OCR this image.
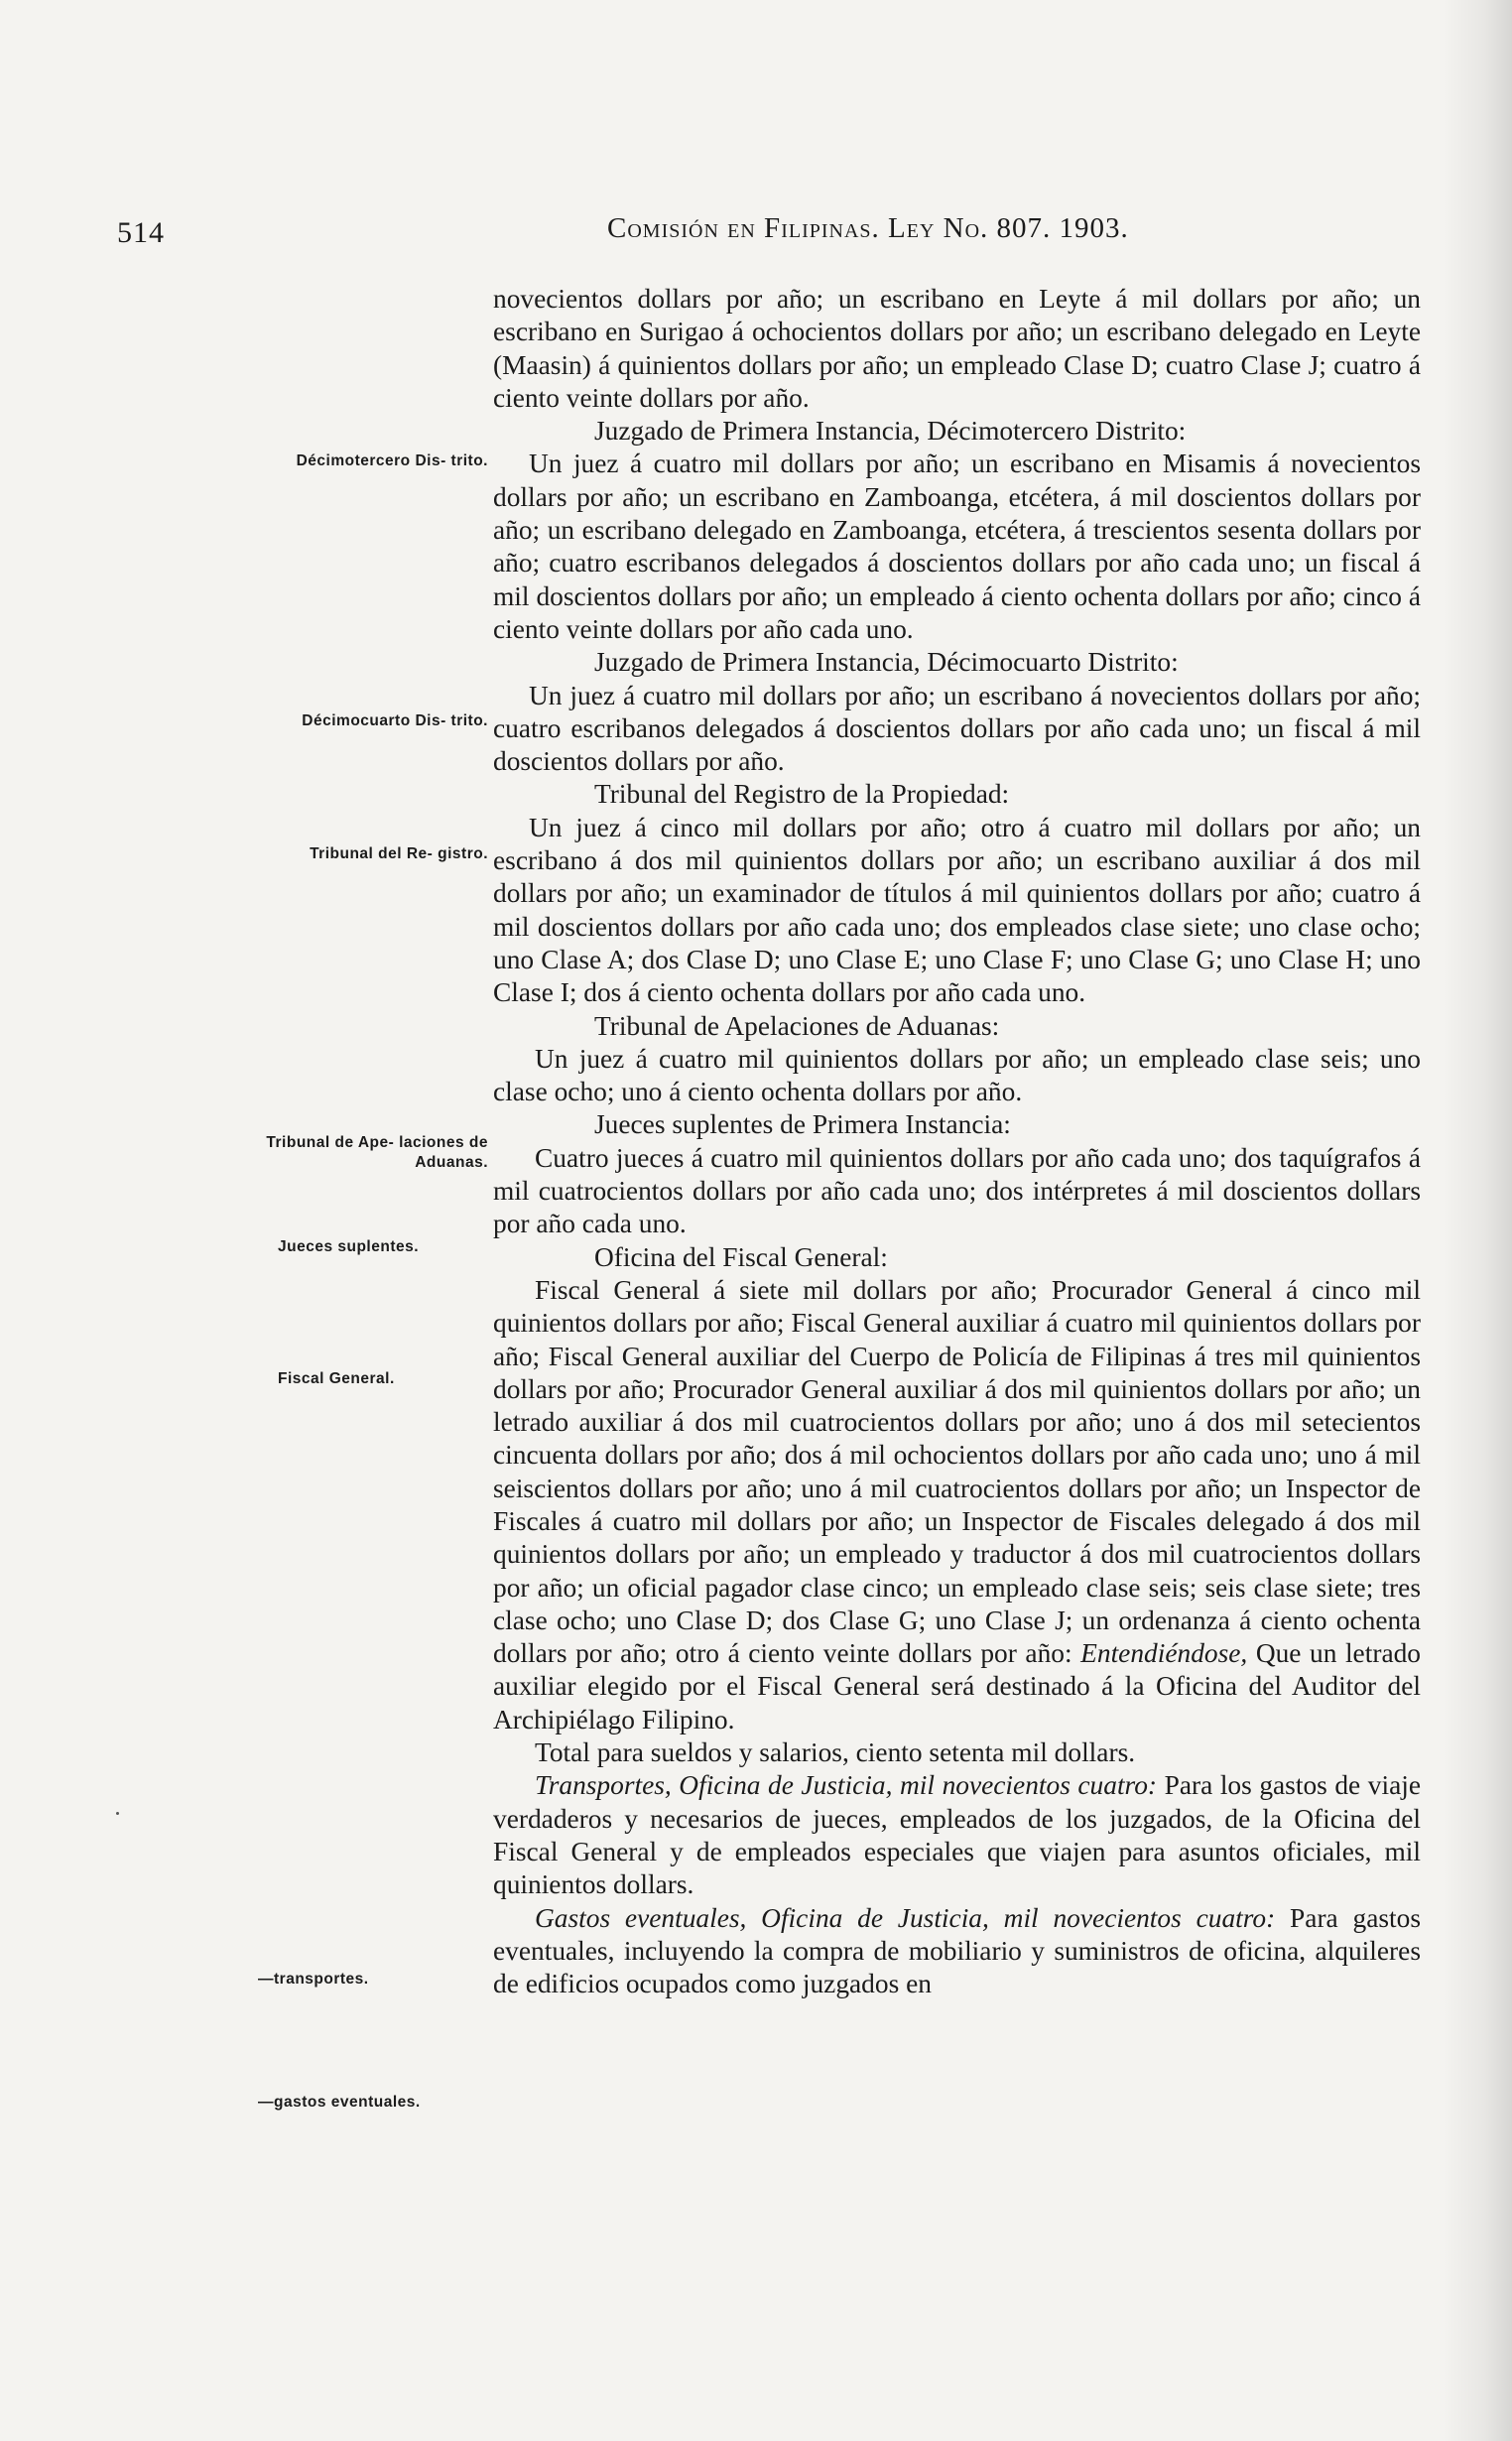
514	Comisión en Filipinas. Ley No. 807. 1903.
Décimotercero Dis- trito.
Décimocuarto Dis- trito.
Tribunal del Re- gistro.
Tribunal de Ape- laciones de Aduanas.
Jueces suplentes.
Fiscal General.
—transportes.
—gastos eventuales.

novecientos dollars por año; un escribano en Leyte á mil dollars por año; un escribano en Surigao á ochocientos dollars por año; un escribano delegado en Leyte (Maasin) á quinientos dollars por año; un empleado Clase D; cuatro Clase J; cuatro á ciento veinte dollars por año.

Juzgado de Primera Instancia, Décimotercero Distrito:

Un juez á cuatro mil dollars por año; un escribano en Misamis á novecientos dollars por año; un escribano en Zamboanga, etcétera, á mil doscientos dollars por año; un escribano delegado en Zamboanga, etcétera, á trescientos sesenta dollars por año; cuatro escribanos delegados á doscientos dollars por año cada uno; un fiscal á mil doscientos dollars por año; un empleado á ciento ochenta dollars por año; cinco á ciento veinte dollars por año cada uno.

Juzgado de Primera Instancia, Décimocuarto Distrito:

Un juez á cuatro mil dollars por año; un escribano á novecientos dollars por año; cuatro escribanos delegados á doscientos dollars por año cada uno; un fiscal á mil doscientos dollars por año.

Tribunal del Registro de la Propiedad:

Un juez á cinco mil dollars por año; otro á cuatro mil dollars por año; un escribano á dos mil quinientos dollars por año; un escribano auxiliar á dos mil dollars por año; un examinador de títulos á mil quinientos dollars por año; cuatro á mil doscientos dollars por año cada uno; dos empleados clase siete; uno clase ocho; uno Clase A; dos Clase D; uno Clase E; uno Clase F; uno Clase G; uno Clase H; uno Clase I; dos á ciento ochenta dollars por año cada uno.

Tribunal de Apelaciones de Aduanas:

Un juez á cuatro mil quinientos dollars por año; un empleado clase seis; uno clase ocho; uno á ciento ochenta dollars por año.

Jueces suplentes de Primera Instancia:

Cuatro jueces á cuatro mil quinientos dollars por año cada uno; dos taquígrafos á mil cuatrocientos dollars por año cada uno; dos intérpretes á mil doscientos dollars por año cada uno.

Oficina del Fiscal General:

Fiscal General á siete mil dollars por año; Procurador General á cinco mil quinientos dollars por año; Fiscal General auxiliar á cuatro mil quinientos dollars por año; Fiscal General auxiliar del Cuerpo de Policía de Filipinas á tres mil quinientos dollars por año; Procurador General auxiliar á dos mil quinientos dollars por año; un letrado auxiliar á dos mil cuatrocientos dollars por año; uno á dos mil setecientos cincuenta dollars por año; dos á mil ochocientos dollars por año cada uno; uno á mil seiscientos dollars por año; uno á mil cuatrocientos dollars por año; un Inspector de Fiscales á cuatro mil dollars por año; un Inspector de Fiscales delegado á dos mil quinientos dollars por año; un empleado y traductor á dos mil cuatrocientos dollars por año; un oficial pagador clase cinco; un empleado clase seis; seis clase siete; tres clase ocho; uno Clase D; dos Clase G; uno Clase J; un ordenanza á ciento ochenta dollars por año; otro á ciento veinte dollars por año: Entendiéndose, Que un letrado auxiliar elegido por el Fiscal General será destinado á la Oficina del Auditor del Archipiélago Filipino.

Total para sueldos y salarios, ciento setenta mil dollars.

Transportes, Oficina de Justicia, mil novecientos cuatro: Para los gastos de viaje verdaderos y necesarios de jueces, empleados de los juzgados, de la Oficina del Fiscal General y de empleados especiales que viajen para asuntos oficiales, mil quinientos dollars.

Gastos eventuales, Oficina de Justicia, mil novecientos cuatro: Para gastos eventuales, incluyendo la compra de mobiliario y suministros de oficina, alquileres de edificios ocupados como juzgados en
